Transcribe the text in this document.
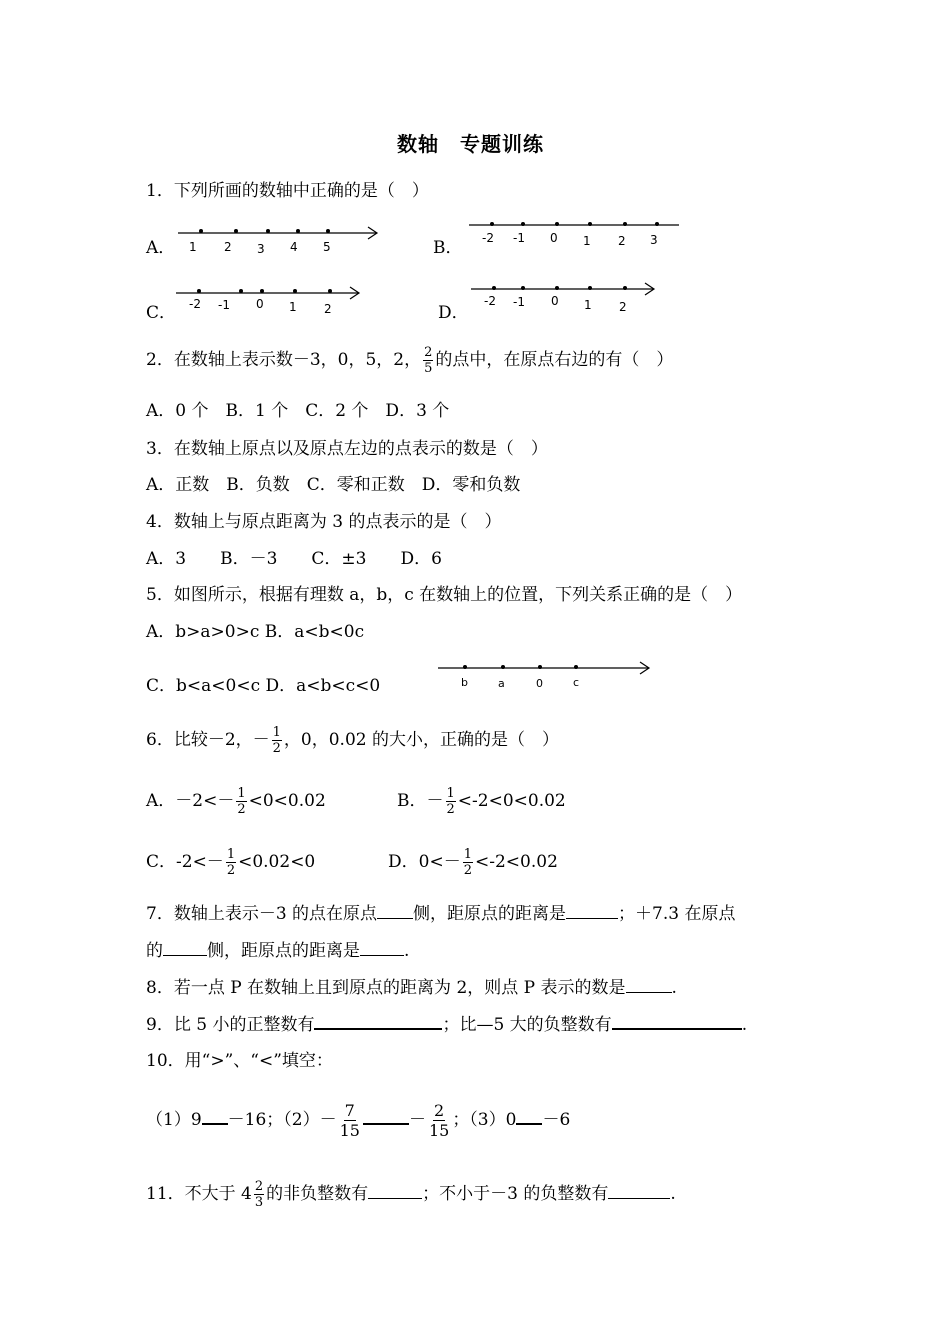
数轴　专题训练
1．下列所画的数轴中正确的是（　）
A． 1 2 3 4 5	B． -2 -1 0 1 2 3
C． -2 -1 0 1 2	D．
-2 -1 0 1 2
2．在数轴上表示数－3，0，5，2， $\frac{2}{5}$ 的点中，在原点右边的有（　）
A．0 个　B．1 个　C．2 个　D．3 个
3．在数轴上原点以及原点左边的点表示的数是（　）
A．正数　B．负数　C．零和正数　D．零和负数
4．数轴上与原点距离为 3 的点表示的是（　）
A．3　　B．－3　　C．±3　　D．6
5．如图所示，根据有理数 a，b，c 在数轴上的位置，下列关系正确的是（　）
A．b>a>0>c B．a<b<0c
C．b<a<0<c D．a<b<c<0	b	a	0	c
6．比较－2，－ $\frac{1}{2}$ ，0，0.02 的大小，正确的是（　）
A．$-2<- \frac{1}{2} <0<0.02$	B．－ $\frac{1}{2} <-2<0<0.02$
C．$-2<- \frac{1}{2} <0.02<0$	D．$0<- \frac{1}{2} <-2<0.02$
7．数轴上表示－3 的点在原点 侧，距原点的距离是	；＋7.3 在原点
的	侧，距原点的距离是	.
8．若一点 P 在数轴上且到原点的距离为 2，则点 P 表示的数是	.
9．比 5 小的正整数有	；比—5 大的负整数有	.
10．用“>”、“<”填空：
（1）9 －16；$(2)- \frac{7}{15}$	－ $\frac{2}{15}$ ；（3）0 －6
11．不大于 $4 \frac{2}{3}$ 的非负整数有	；不小于－3 的负整数有	.
